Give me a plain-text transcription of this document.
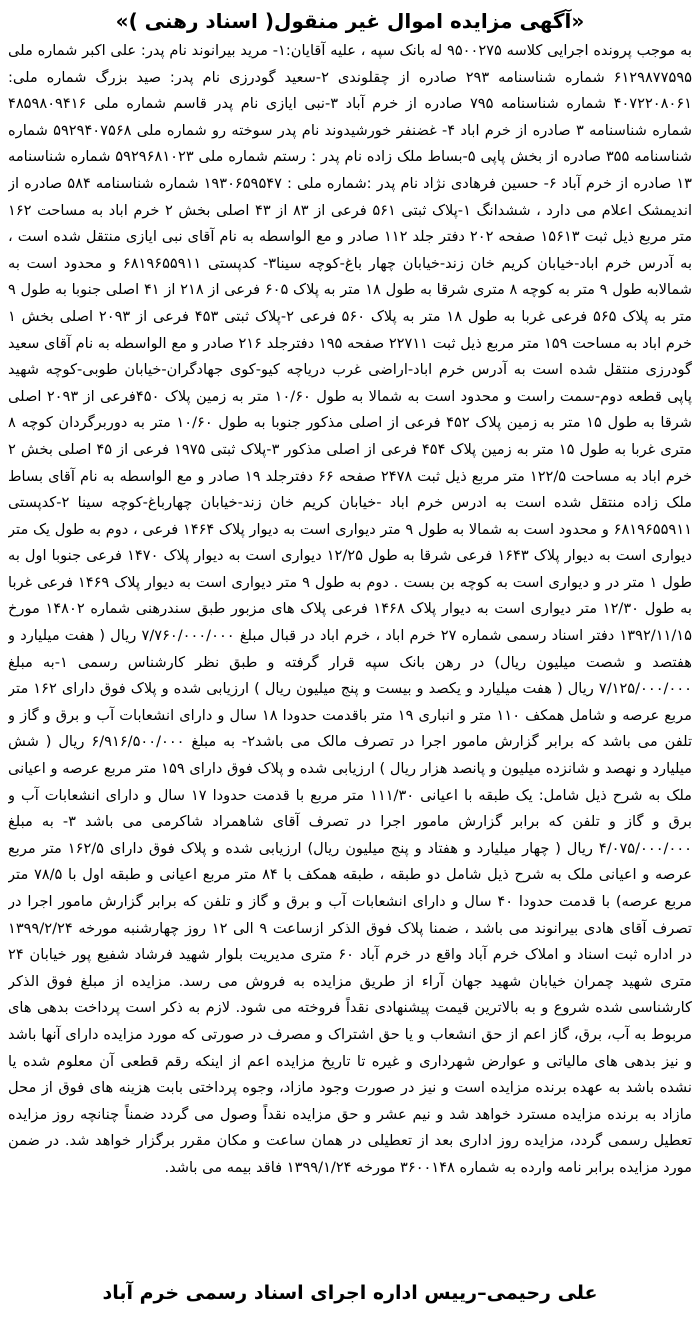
«آگهی مزایده اموال غیر منقول( اسناد رهنی )»

به موجب پرونده اجرایی کلاسه ۹۵۰۰۲۷۵ له بانک سپه ، علیه آقایان:۱- مرید بیرانوند نام پدر: علی اکبر شماره ملی ۶۱۲۹۸۷۷۵۹۵ شماره شناسنامه ۲۹۳ صادره از چقلوندی ۲-سعید گودرزی نام پدر: صید بزرگ شماره ملی: ۴۰۷۲۲۰۸۰۶۱ شماره شناسنامه ۷۹۵ صادره از خرم آباد ۳-نبی ایازی نام پدر قاسم شماره ملی ۴۸۵۹۸۰۹۴۱۶ شماره شناسنامه ۳ صادره از خرم اباد ۴- غضنفر خورشیدوند نام پدر سوخته رو شماره ملی ۵۹۲۹۴۰۷۵۶۸ شماره شناسنامه ۳۵۵ صادره از بخش پاپی ۵-بساط ملک زاده نام پدر : رستم شماره ملی ۵۹۲۹۶۸۱۰۲۳ شماره شناسنامه ۱۳ صادره از خرم آباد ۶- حسین فرهادی نژاد نام پدر :شماره ملی : ۱۹۳۰۶۵۹۵۴۷ شماره شناسنامه ۵۸۴ صادره از اندیمشک اعلام می دارد ، ششدانگ ۱-پلاک ثبتی ۵۶۱ فرعی از ۸۳ از ۴۳ اصلی بخش ۲ خرم اباد به مساحت ۱۶۲ متر مربع ذیل ثبت ۱۵۶۱۳ صفحه ۲۰۲ دفتر جلد ۱۱۲ صادر و مع الواسطه به نام آقای نبی ایازی منتقل شده است ، به آدرس خرم اباد-خیابان کریم خان زند-خیابان چهار باغ-کوچه سینا۳- کدپستی ۶۸۱۹۶۵۵۹۱۱ و محدود است به شمالابه طول ۹ متر به کوچه ۸ متری شرقا به طول ۱۸ متر به پلاک ۶۰۵ فرعی از ۲۱۸ از ۴۱ اصلی جنوبا به طول ۹ متر به پلاک ۵۶۵ فرعی غربا به طول ۱۸ متر به پلاک ۵۶۰ فرعی ۲-پلاک ثبتی ۴۵۳ فرعی از ۲۰۹۳ اصلی بخش ۱ خرم اباد به مساحت ۱۵۹ متر مربع ذیل ثبت ۲۲۷۱۱ صفحه ۱۹۵ دفترجلد ۲۱۶ صادر و مع الواسطه به نام آقای سعید گودرزی منتقل شده است به آدرس خرم اباد-اراضی غرب دریاچه کیو-کوی جهادگران-خیابان طوبی-کوچه شهید پاپی قطعه دوم-سمت راست و محدود است به شمالا به طول ۱۰/۶۰ متر به زمین پلاک ۴۵۰فرعی از ۲۰۹۳ اصلی شرقا به طول ۱۵ متر به زمین پلاک ۴۵۲ فرعی از اصلی مذکور جنوبا به طول ۱۰/۶۰ متر به دوربرگردان کوچه ۸ متری غربا به طول ۱۵ متر به زمین پلاک ۴۵۴ فرعی از اصلی مذکور ۳-پلاک ثبتی ۱۹۷۵ فرعی از ۴۵ اصلی بخش ۲ خرم اباد به مساحت ۱۲۲/۵ متر مربع ذیل ثبت ۲۴۷۸ صفحه ۶۶ دفترجلد ۱۹ صادر و مع الواسطه به نام آقای بساط ملک زاده منتقل شده است به ادرس خرم اباد -خیابان کریم خان زند-خیابان چهارباغ-کوچه سینا ۲-کدپستی ۶۸۱۹۶۵۵۹۱۱ و محدود است به شمالا به طول ۹ متر دیواری است به دیوار پلاک ۱۴۶۴ فرعی ، دوم به طول یک متر دیواری است به دیوار پلاک ۱۶۴۳ فرعی شرقا به طول ۱۲/۲۵ دیواری است به دیوار پلاک ۱۴۷۰ فرعی جنوبا اول به طول ۱ متر در و دیواری است به کوچه بن بست . دوم به طول ۹ متر دیواری است به دیوار پلاک ۱۴۶۹ فرعی غربا به طول ۱۲/۳۰ متر دیواری است به دیوار پلاک ۱۴۶۸ فرعی پلاک های مزبور طبق سندرهنی شماره ۱۴۸۰۲ مورخ ۱۳۹۲/۱۱/۱۵ دفتر اسناد رسمی شماره ۲۷ خرم اباد ، خرم اباد در قبال مبلغ ۷/۷۶۰/۰۰۰/۰۰۰ ریال ( هفت میلیارد و هفتصد و شصت میلیون ریال) در رهن بانک سپه قرار گرفته و طبق نظر کارشناس رسمی ۱-به مبلغ ۷/۱۲۵/۰۰۰/۰۰۰ ریال ( هفت میلیارد و یکصد و بیست و پنج میلیون ریال ) ارزیابی شده و پلاک فوق دارای ۱۶۲ متر مربع عرصه و شامل همکف ۱۱۰ متر و انباری ۱۹ متر باقدمت حدودا ۱۸ سال و دارای انشعابات آب و برق و گاز و تلفن می باشد که برابر گزارش مامور اجرا در تصرف مالک می باشد۲- به مبلغ ۶/۹۱۶/۵۰۰/۰۰۰ ریال ( شش میلیارد و نهصد و شانزده میلیون و پانصد هزار ریال ) ارزیابی شده و پلاک فوق دارای ۱۵۹ متر مربع عرصه و اعیانی ملک به شرح ذیل شامل: یک طبقه با اعیانی ۱۱۱/۳۰ متر مربع با قدمت حدودا ۱۷ سال و دارای انشعابات آب و برق و گاز و تلفن که برابر گزارش مامور اجرا در تصرف آقای شاهمراد شاکرمی می باشد ۳- به مبلغ ۴/۰۷۵/۰۰۰/۰۰۰ ریال ( چهار میلیارد و هفتاد و پنج میلیون ریال) ارزیابی شده و پلاک فوق دارای ۱۶۲/۵ متر مربع عرصه و اعیانی ملک به شرح ذیل شامل دو طبقه ، طبقه همکف با ۸۴ متر مربع اعیانی و طبقه اول با ۷۸/۵ متر مربع عرصه) با قدمت حدودا ۴۰ سال و دارای انشعابات آب و برق و گاز و تلفن که برابر گزارش مامور اجرا در تصرف آقای هادی بیرانوند می باشد ، ضمنا پلاک فوق الذکر ازساعت ۹ الی ۱۲ روز چهارشنبه مورخه ۱۳۹۹/۲/۲۴ در اداره ثبت اسناد و املاک خرم آباد واقع در خرم آباد ۶۰ متری مدیریت بلوار شهید فرشاد شفیع پور خیابان ۲۴ متری شهید چمران خیابان شهید جهان آراء از طریق مزایده به فروش می رسد. مزایده از مبلغ فوق الذکر کارشناسی شده شروع و به بالاترین قیمت پیشنهادی نقداً فروخته می شود. لازم به ذکر است پرداخت بدهی های مربوط به آب، برق، گاز اعم از حق انشعاب و یا حق اشتراک و مصرف در صورتی که مورد مزایده دارای آنها باشد و نیز بدهی های مالیاتی و عوارض شهرداری و غیره تا تاریخ مزایده اعم از اینکه رقم قطعی آن معلوم شده یا نشده باشد به عهده برنده مزایده است و نیز در صورت وجود مازاد، وجوه پرداختی بابت هزینه های فوق از محل مازاد به برنده مزایده مسترد خواهد شد و نیم عشر و حق مزایده نقداً وصول می گردد ضمناً چنانچه روز مزایده تعطیل رسمی گردد، مزایده روز اداری بعد از تعطیلی در همان ساعت و مکان مقرر برگزار خواهد شد. در ضمن مورد مزایده برابر نامه وارده به شماره ۳۶۰۰۱۴۸ مورخه ۱۳۹۹/۱/۲۴ فاقد بیمه می باشد.

علی رحیمی–رییس اداره اجرای اسناد رسمی خرم آباد
